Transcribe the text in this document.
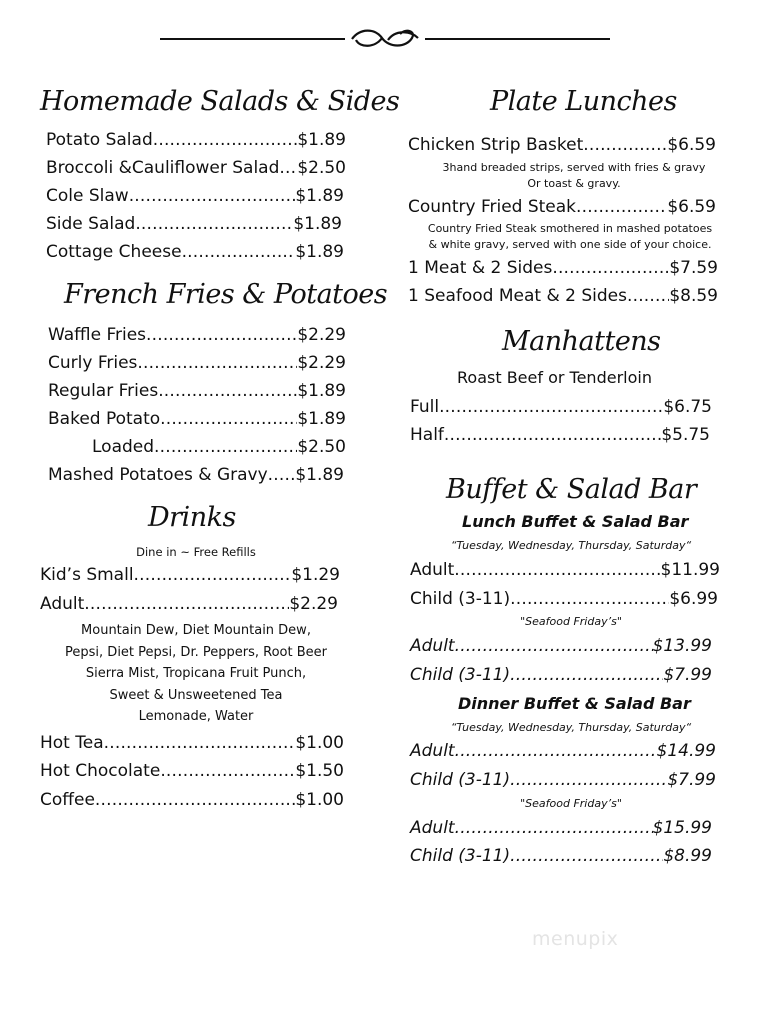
Homemade Salads & Sides
Potato Salad .....	$1.89
Broccoli &Cauliflower Salad ..... $2.50
Cole Slaw .....	$1.89
Side Salad .....	$1.89
Cottage Cheese .....	$1.89
French Fries & Potatoes
Waffle Fries .....	$2.29
Curly Fries .....	$2.29
Regular Fries .....	$1.89
Baked Potato .....	$1.89
Loaded .....	$2.50
Mashed Potatoes & Gravy ..... $1.89
Drinks
Dine in ~ Free Refills
Kid’s Small .....	$1.29
Adult .....	$2.29
Mountain Dew, Diet Mountain Dew,
Pepsi, Diet Pepsi, Dr. Peppers, Root Beer
Sierra Mist, Tropicana Fruit Punch,
Sweet & Unsweetened Tea
Lemonade, Water
Hot Tea .....	$1.00
Hot Chocolate .....	$1.50
Coffee .....	$1.00
Plate Lunches
Chicken Strip Basket .....	$6.59
3hand breaded strips, served with fries & gravy
Or toast & gravy.
Country Fried Steak .....	$6.59
Country Fried Steak smothered in mashed potatoes
& white gravy, served with one side of your choice.
1 Meat & 2 Sides .....	$7.59
1 Seafood Meat & 2 Sides ..... $8.59
Manhattens
Roast Beef or Tenderloin
Full .....	$6.75
Half .....	$5.75
Buffet & Salad Bar
Lunch Buffet & Salad Bar
“Tuesday, Wednesday, Thursday, Saturday“
Adult .....	$11.99
Child (3-11) .....	$6.99
"Seafood Friday’s"
Adult .....	$13.99
Child (3-11) .....	$7.99
Dinner Buffet & Salad Bar
“Tuesday, Wednesday, Thursday, Saturday“
Adult .....	$14.99
Child (3-11) .....	$7.99
"Seafood Friday’s"
Adult .....	$15.99
Child (3-11) .....	$8.99
menupix
